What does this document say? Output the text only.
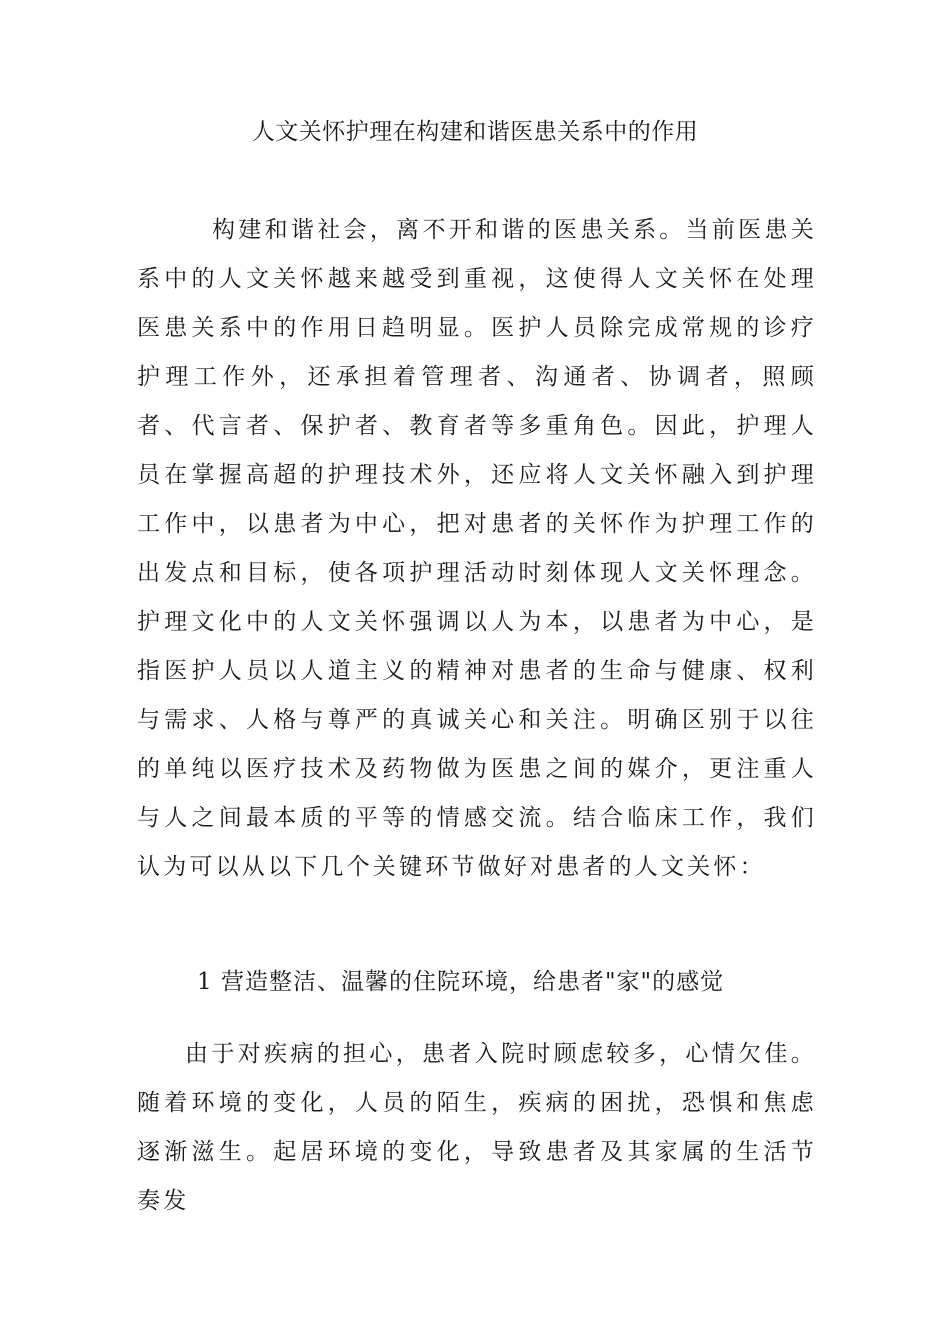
人文关怀护理在构建和谐医患关系中的作用

构建和谐社会，离不开和谐的医患关系。当前医患关系中的人文关怀越来越受到重视，这使得人文关怀在处理医患关系中的作用日趋明显。医护人员除完成常规的诊疗护理工作外，还承担着管理者、沟通者、协调者，照顾者、代言者、保护者、教育者等多重角色。因此，护理人员在掌握高超的护理技术外，还应将人文关怀融入到护理工作中，以患者为中心，把对患者的关怀作为护理工作的出发点和目标，使各项护理活动时刻体现人文关怀理念。护理文化中的人文关怀强调以人为本，以患者为中心，是指医护人员以人道主义的精神对患者的生命与健康、权利与需求、人格与尊严的真诚关心和关注。明确区别于以往的单纯以医疗技术及药物做为医患之间的媒介，更注重人与人之间最本质的平等的情感交流。结合临床工作，我们认为可以从以下几个关键环节做好对患者的人文关怀：

1 营造整洁、温馨的住院环境，给患者"家"的感觉

由于对疾病的担心，患者入院时顾虑较多，心情欠佳。随着环境的变化，人员的陌生，疾病的困扰，恐惧和焦虑逐渐滋生。起居环境的变化，导致患者及其家属的生活节奏发
